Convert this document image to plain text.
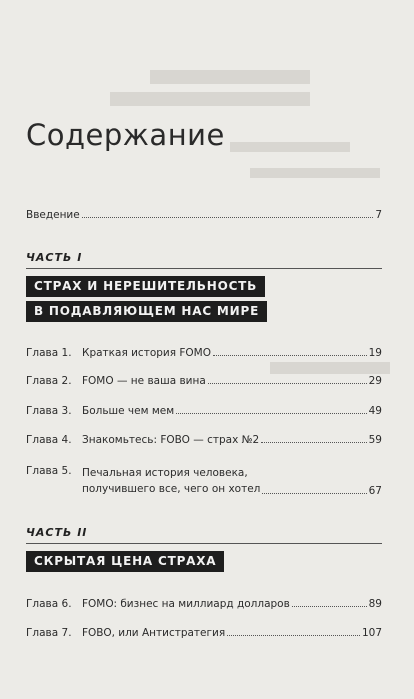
Содержание
Введение	7
ЧАСТЬ I
СТРАХ И НЕРЕШИТЕЛЬНОСТЬ
В ПОДАВЛЯЮЩЕМ НАС МИРЕ
Глава 1. Краткая история FOMO	19
Глава 2. FOMO — не ваша вина	29
Глава 3. Больше чем мем	49
Глава 4. Знакомьтесь: FOBO — страх №2	59
Глава 5. Печальная история человека,
получившего все, чего он хотел	67
ЧАСТЬ II
СКРЫТАЯ ЦЕНА СТРАХА
Глава 6. FOMO: бизнес на миллиард долларов	89
Глава 7. FOBO, или Антистратегия	107
